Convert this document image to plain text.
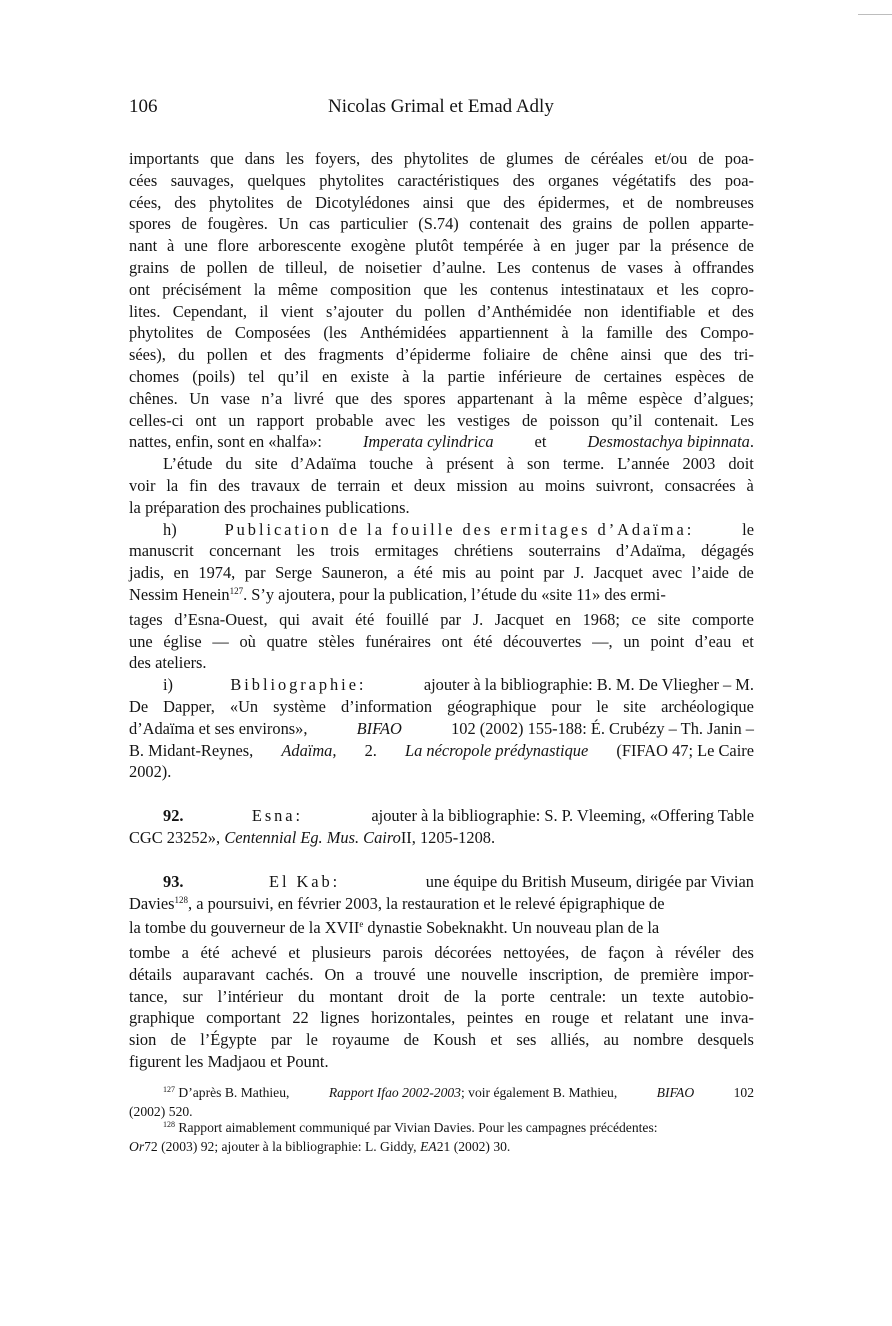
106	Nicolas Grimal et Emad Adly
importants que dans les foyers, des phytolites de glumes de céréales et/ou de poa-
cées sauvages, quelques phytolites caractéristiques des organes végétatifs des poa-
cées, des phytolites de Dicotylédones ainsi que des épidermes, et de nombreuses
spores de fougères. Un cas particulier (S.74) contenait des grains de pollen apparte-
nant à une flore arborescente exogène plutôt tempérée à en juger par la présence de
grains de pollen de tilleul, de noisetier d’aulne. Les contenus de vases à offrandes
ont précisément la même composition que les contenus intestinataux et les copro-
lites. Cependant, il vient s’ajouter du pollen d’Anthémidée non identifiable et des
phytolites de Composées (les Anthémidées appartiennent à la famille des Compo-
sées), du pollen et des fragments d’épiderme foliaire de chêne ainsi que des tri-
chomes (poils) tel qu’il en existe à la partie inférieure de certaines espèces de
chênes. Un vase n’a livré que des spores appartenant à la même espèce d’algues;
celles-ci ont un rapport probable avec les vestiges de poisson qu’il contenait. Les
nattes, enfin, sont en «halfa»: Imperata cylindrica et Desmostachya bipinnata.
L’étude du site d’Adaïma touche à présent à son terme. L’année 2003 doit
voir la fin des travaux de terrain et deux mission au moins suivront, consacrées à
la préparation des prochaines publications.
h)	Publication de la fouille des ermitages d’Adaïma:	le
manuscrit concernant les trois ermitages chrétiens souterrains d’Adaïma, dégagés
jadis, en 1974, par Serge Sauneron, a été mis au point par J. Jacquet avec l’aide de
Nessim Henein$^{127}$. S’y ajoutera, pour la publication, l’étude du «site 11» des ermi-
tages d’Esna-Ouest, qui avait été fouillé par J. Jacquet en 1968; ce site comporte
une église — où quatre stèles funéraires ont été découvertes —, un point d’eau et
des ateliers.
i)	Bibliographie:	ajouter à la bibliographie: B. M. De Vliegher – M.
De Dapper, «Un système d’information géographique pour le site archéologique
d’Adaïma et ses environs»,	BIFAO	102 (2002) 155-188: É. Crubézy – Th. Janin –
B. Midant-Reynes, Adaïma, 2. La nécropole prédynastique (FIFAO 47; Le Caire
2002).
92.	Esna:	ajouter à la bibliographie: S. P. Vleeming, «Offering Table
CGC 23252», Centennial Eg. Mus. Cairo II, 1205-1208.
93.	El Kab:	une équipe du British Museum, dirigée par Vivian
Davies$^{128}$, a poursuivi, en février 2003, la restauration et le relevé épigraphique de
la tombe du gouverneur de la XVIIe dynastie Sobeknakht. Un nouveau plan de la
tombe a été achevé et plusieurs parois décorées nettoyées, de façon à révéler des
détails auparavant cachés. On a trouvé une nouvelle inscription, de première impor-
tance, sur l’intérieur du montant droit de la porte centrale: un texte autobio-
graphique comportant 22 lignes horizontales, peintes en rouge et relatant une inva-
sion de l’Égypte par le royaume de Koush et ses alliés, au nombre desquels
figurent les Madjaou et Pount.
$^{127}$ D’après B. Mathieu,	Rapport Ifao 2002-2003; voir également B. Mathieu,	BIFAO	102
(2002) 520.
$^{128}$ Rapport aimablement communiqué par Vivian Davies. Pour les campagnes précédentes:
Or 72 (2003) 92; ajouter à la bibliographie: L. Giddy, EA 21 (2002) 30.
